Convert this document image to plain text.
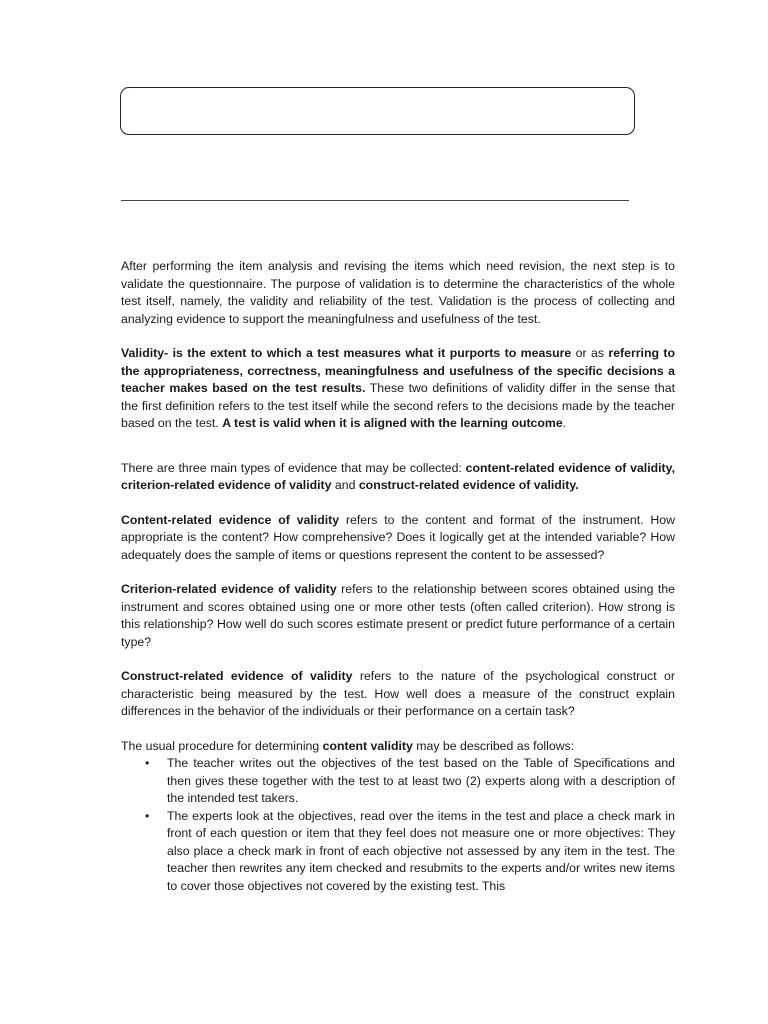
After performing the item analysis and revising the items which need revision, the next step is to validate the questionnaire. The purpose of validation is to determine the characteristics of the whole test itself, namely, the validity and reliability of the test. Validation is the process of collecting and analyzing evidence to support the meaningfulness and usefulness of the test.

Validity- is the extent to which a test measures what it purports to measure or as referring to the appropriateness, correctness, meaningfulness and usefulness of the specific decisions a teacher makes based on the test results. These two definitions of validity differ in the sense that the first definition refers to the test itself while the second refers to the decisions made by the teacher based on the test. A test is valid when it is aligned with the learning outcome.

There are three main types of evidence that may be collected: content-related evidence of validity, criterion-related evidence of validity and construct-related evidence of validity.

Content-related evidence of validity refers to the content and format of the instrument. How appropriate is the content? How comprehensive? Does it logically get at the intended variable? How adequately does the sample of items or questions represent the content to be assessed?

Criterion-related evidence of validity refers to the relationship between scores obtained using the instrument and scores obtained using one or more other tests (often called criterion). How strong is this relationship? How well do such scores estimate present or predict future performance of a certain type?

Construct-related evidence of validity refers to the nature of the psychological construct or characteristic being measured by the test. How well does a measure of the construct explain differences in the behavior of the individuals or their performance on a certain task?

The usual procedure for determining content validity may be described as follows:

• The teacher writes out the objectives of the test based on the Table of Specifications and then gives these together with the test to at least two (2) experts along with a description of the intended test takers.
• The experts look at the objectives, read over the items in the test and place a check mark in front of each question or item that they feel does not measure one or more objectives: They also place a check mark in front of each objective not assessed by any item in the test. The teacher then rewrites any item checked and resubmits to the experts and/or writes new items to cover those objectives not covered by the existing test. This
